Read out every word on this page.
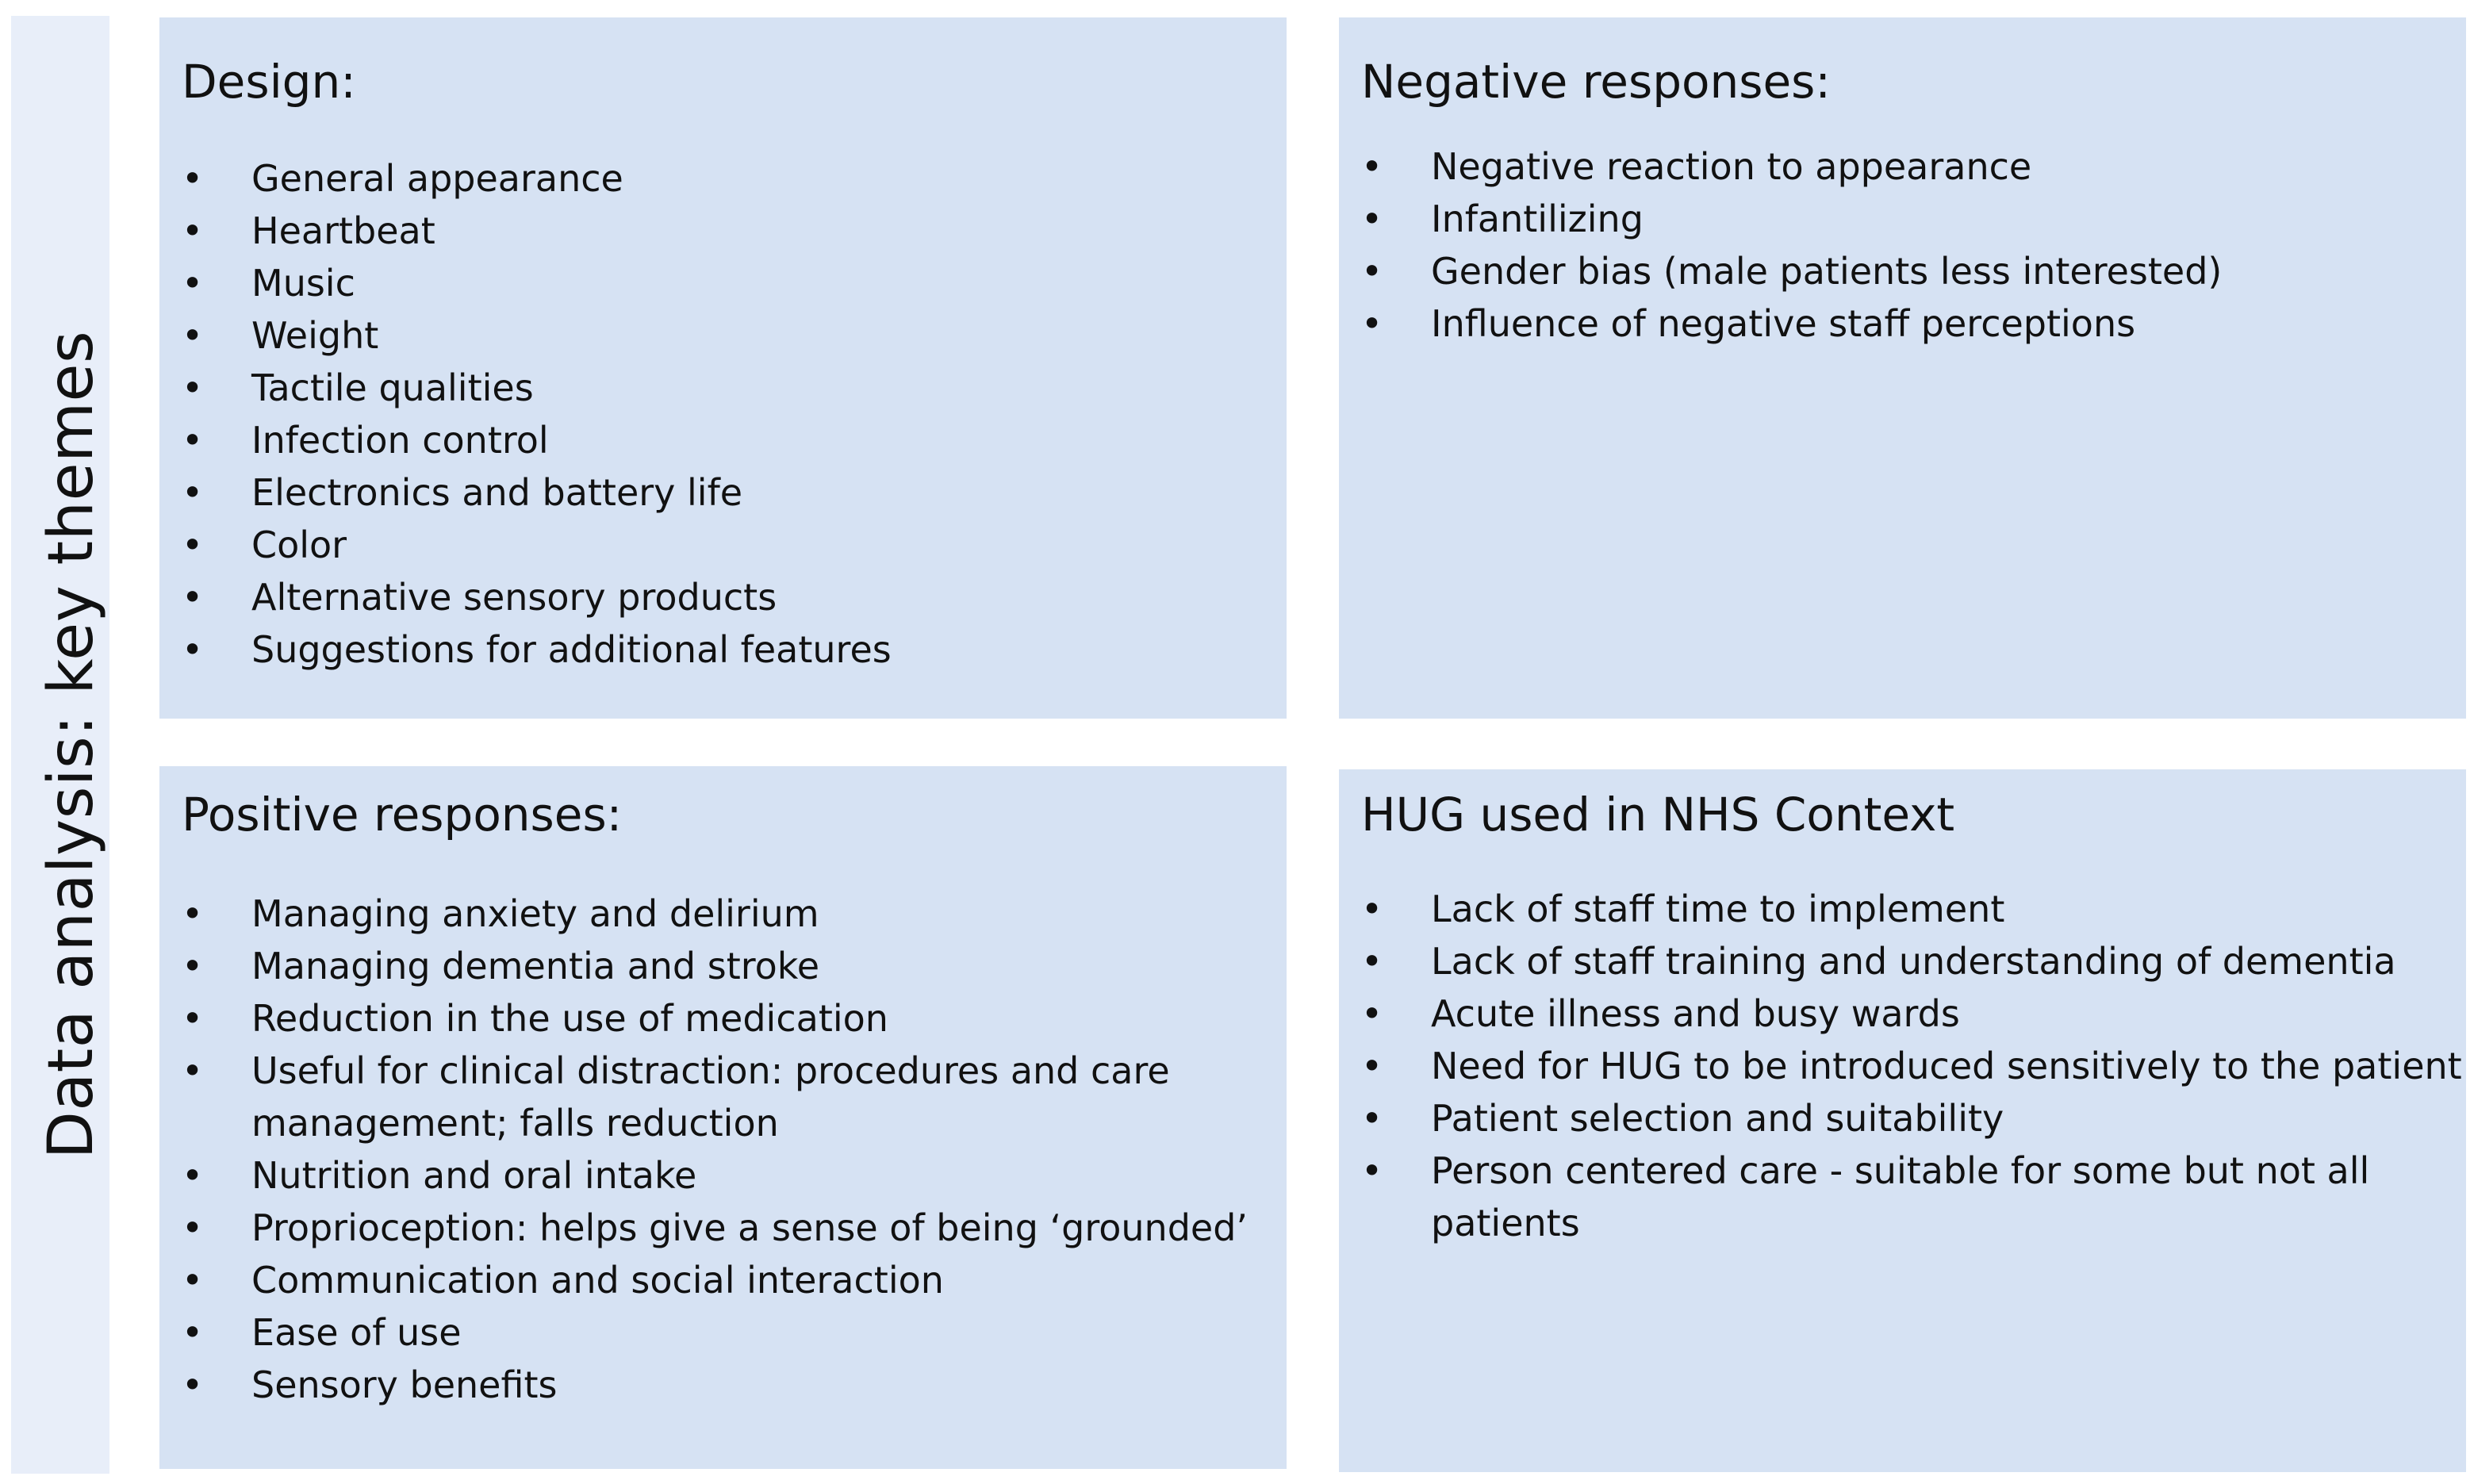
Data analysis: key themes
Design:
• General appearance
• Heartbeat
• Music
• Weight
• Tactile qualities
• Infection control
• Electronics and battery life
• Color
• Alternative sensory products
• Suggestions for additional features
Negative responses:
• Negative reaction to appearance
• Infantilizing
• Gender bias (male patients less interested)
• Influence of negative staff perceptions
Positive responses:
• Managing anxiety and delirium
• Managing dementia and stroke
• Reduction in the use of medication
• Useful for clinical distraction: procedures and care management; falls reduction
• Nutrition and oral intake
• Proprioception: helps give a sense of being ‘grounded’
• Communication and social interaction
• Ease of use
• Sensory benefits
HUG used in NHS Context
• Lack of staff time to implement
• Lack of staff training and understanding of dementia
• Acute illness and busy wards
• Need for HUG to be introduced sensitively to the patient
• Patient selection and suitability
• Person centered care - suitable for some but not all patients
